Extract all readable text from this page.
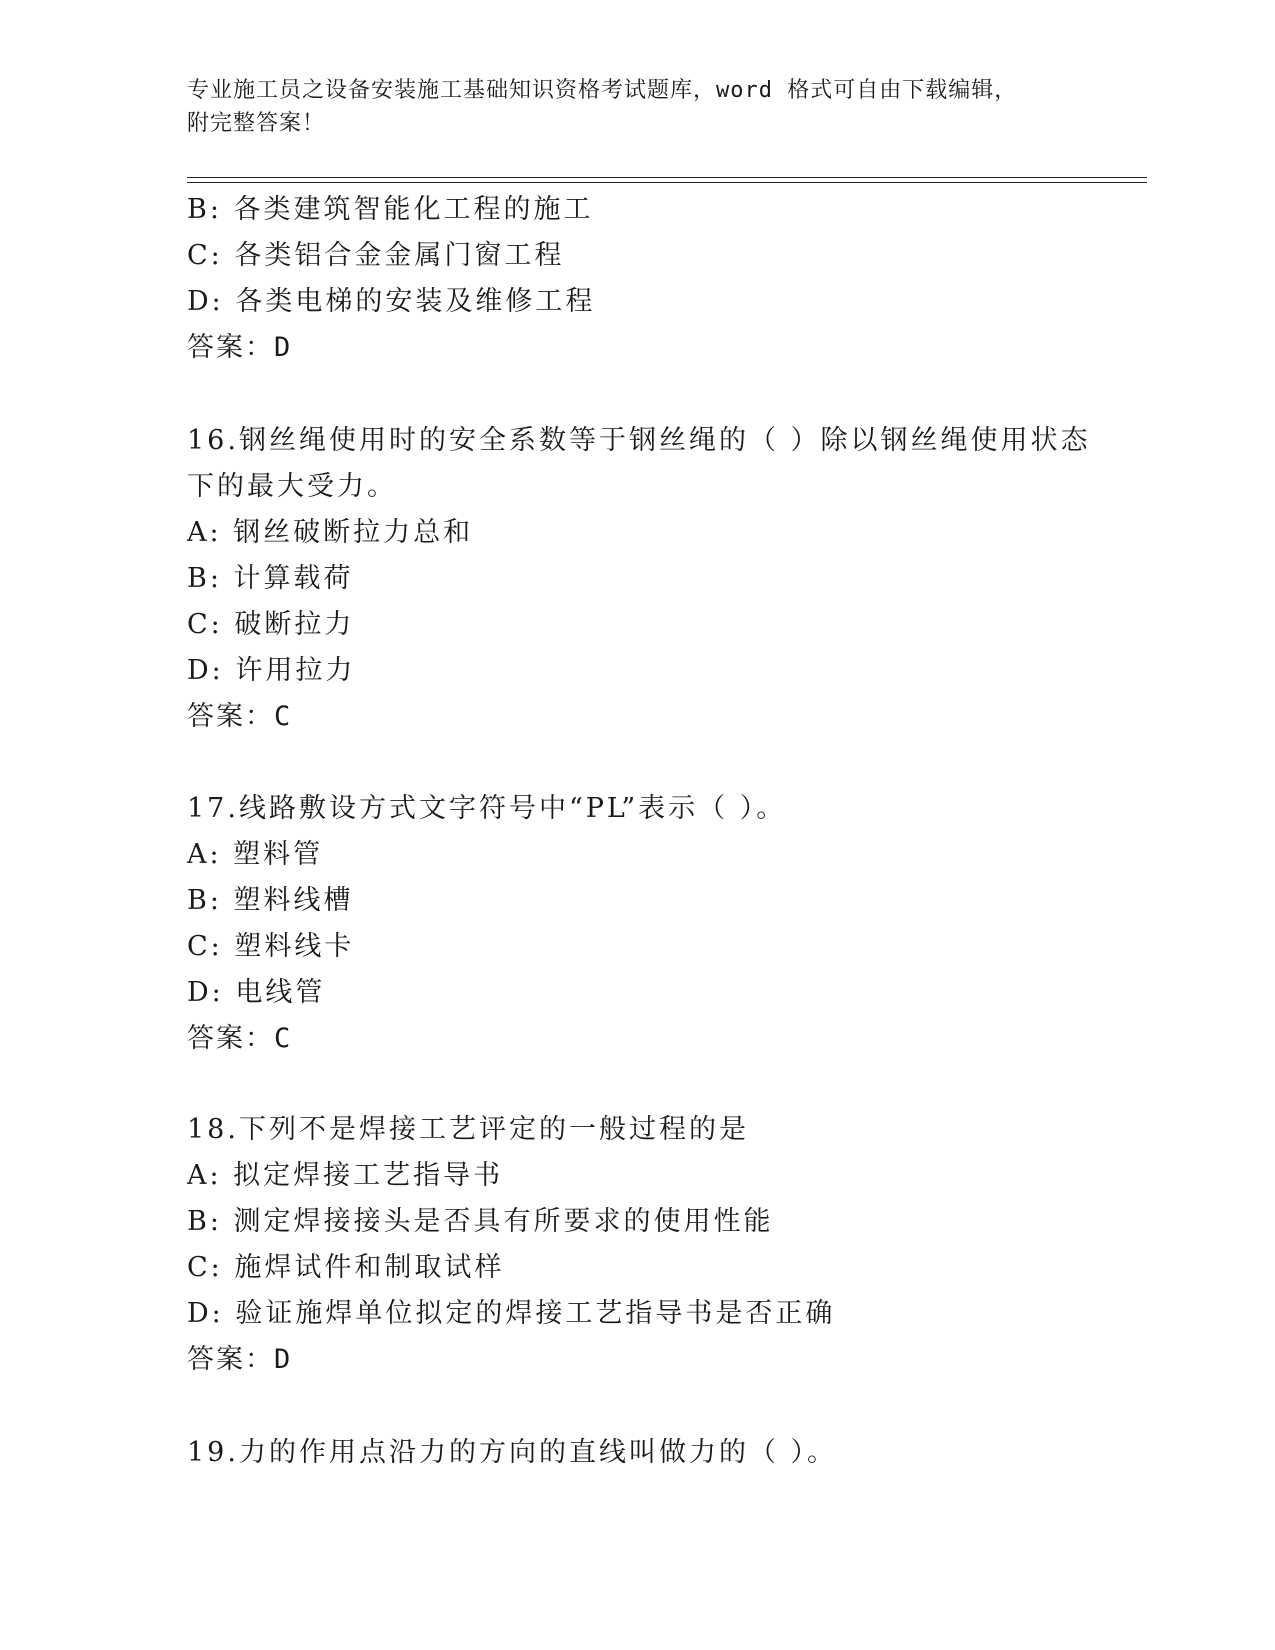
专业施工员之设备安装施工基础知识资格考试题库，word 格式可自由下载编辑，
附完整答案！
B: 各类建筑智能化工程的施工
C: 各类铝合金金属门窗工程
D: 各类电梯的安装及维修工程
答案：D
16.钢丝绳使用时的安全系数等于钢丝绳的（ ）除以钢丝绳使用状态
下的最大受力。
A: 钢丝破断拉力总和
B: 计算载荷
C: 破断拉力
D: 许用拉力
答案：C
17.线路敷设方式文字符号中“PL”表示（ ）。
A: 塑料管
B: 塑料线槽
C: 塑料线卡
D: 电线管
答案：C
18.下列不是焊接工艺评定的一般过程的是
A: 拟定焊接工艺指导书
B: 测定焊接接头是否具有所要求的使用性能
C: 施焊试件和制取试样
D: 验证施焊单位拟定的焊接工艺指导书是否正确
答案：D
19.力的作用点沿力的方向的直线叫做力的（ ）。
